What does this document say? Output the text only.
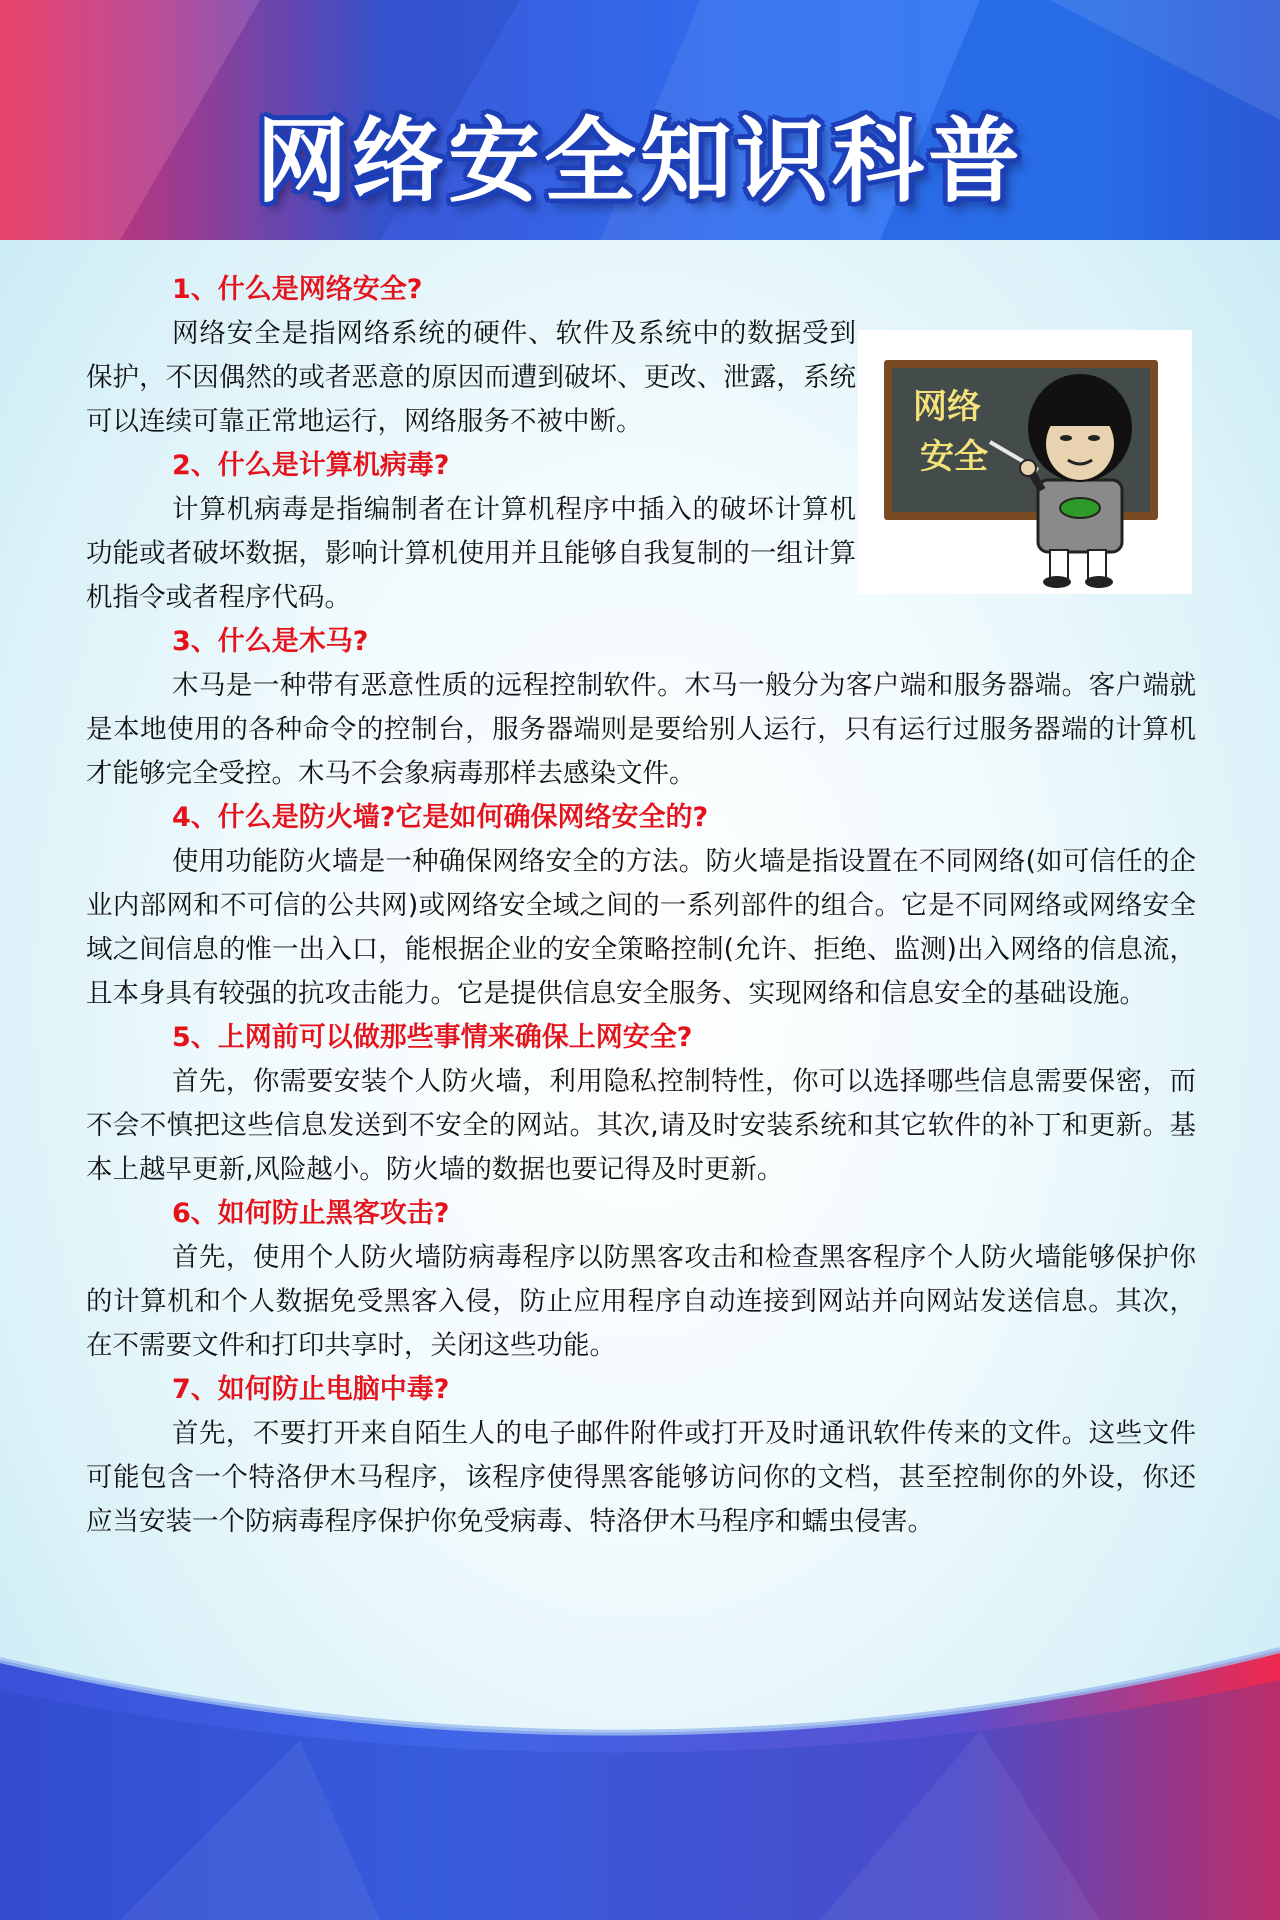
网络安全知识科普
网络
安全
1、什么是网络安全?

网络安全是指网络系统的硬件、软件及系统中的数据受到保护，不因偶然的或者恶意的原因而遭到破坏、更改、泄露，系统可以连续可靠正常地运行，网络服务不被中断。

2、什么是计算机病毒?

计算机病毒是指编制者在计算机程序中插入的破坏计算机功能或者破坏数据，影响计算机使用并且能够自我复制的一组计算机指令或者程序代码。

3、什么是木马?

木马是一种带有恶意性质的远程控制软件。木马一般分为客户端和服务器端。客户端就是本地使用的各种命令的控制台，服务器端则是要给别人运行，只有运行过服务器端的计算机才能够完全受控。木马不会象病毒那样去感染文件。

4、什么是防火墙?它是如何确保网络安全的?

使用功能防火墙是一种确保网络安全的方法。防火墙是指设置在不同网络(如可信任的企业内部网和不可信的公共网)或网络安全域之间的一系列部件的组合。它是不同网络或网络安全域之间信息的惟一出入口，能根据企业的安全策略控制(允许、拒绝、监测)出入网络的信息流，且本身具有较强的抗攻击能力。它是提供信息安全服务、实现网络和信息安全的基础设施。

5、上网前可以做那些事情来确保上网安全?

首先，你需要安装个人防火墙，利用隐私控制特性，你可以选择哪些信息需要保密，而不会不慎把这些信息发送到不安全的网站。其次,请及时安装系统和其它软件的补丁和更新。基本上越早更新,风险越小。防火墙的数据也要记得及时更新。

6、如何防止黑客攻击?

首先，使用个人防火墙防病毒程序以防黑客攻击和检查黑客程序个人防火墙能够保护你的计算机和个人数据免受黑客入侵，防止应用程序自动连接到网站并向网站发送信息。其次，在不需要文件和打印共享时，关闭这些功能。

7、如何防止电脑中毒?

首先，不要打开来自陌生人的电子邮件附件或打开及时通讯软件传来的文件。这些文件可能包含一个特洛伊木马程序，该程序使得黑客能够访问你的文档，甚至控制你的外设，你还应当安装一个防病毒程序保护你免受病毒、特洛伊木马程序和蠕虫侵害。
